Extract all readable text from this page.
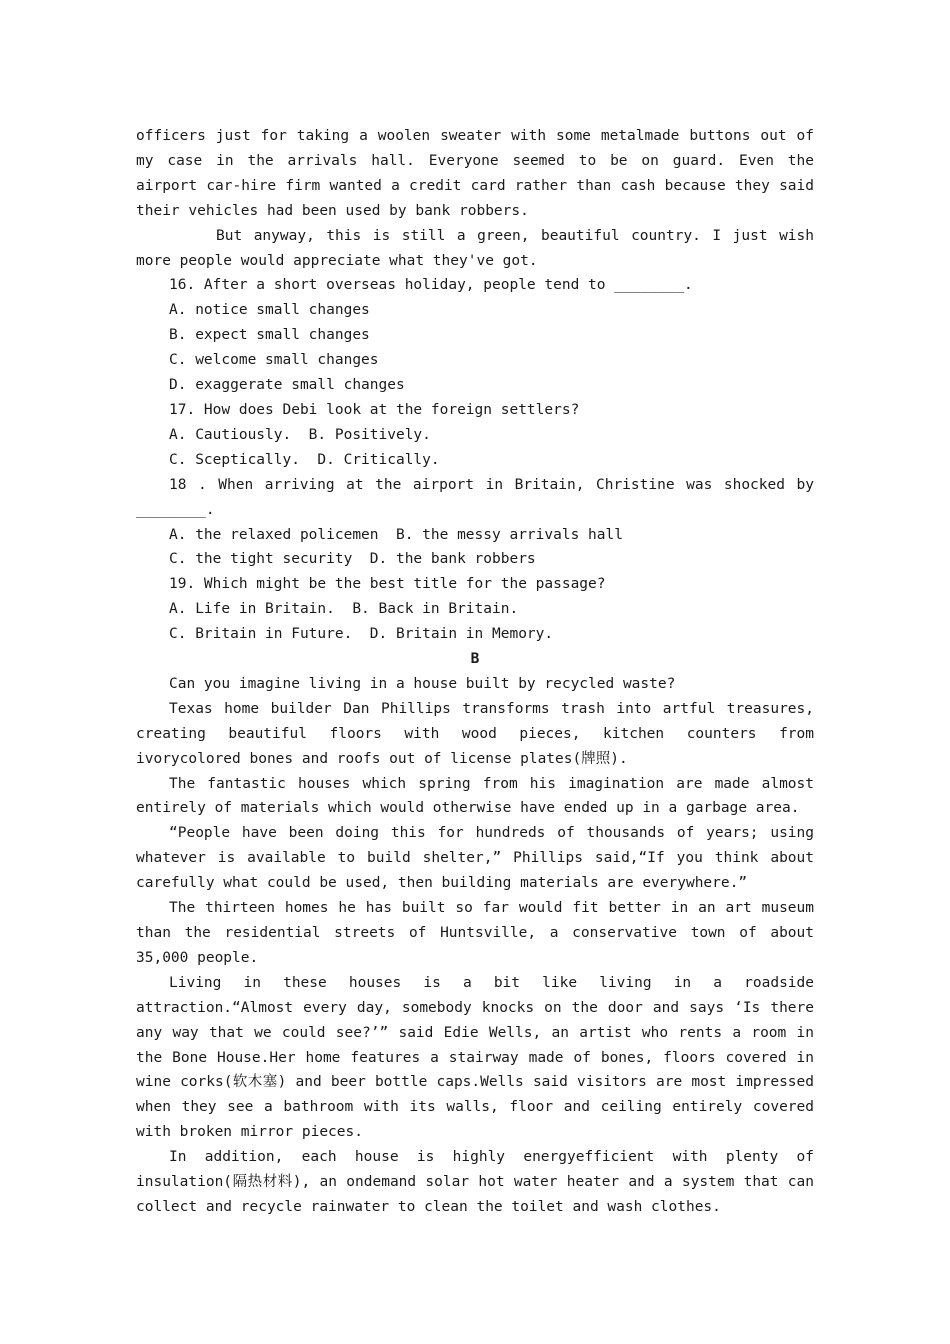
officers just for taking a woolen sweater with some metalmade buttons out of my case in the arrivals hall. Everyone seemed to be on guard. Even the airport car-hire firm wanted a credit card rather than cash because they said their vehicles had been used by bank robbers.

But anyway, this is still a green, beautiful country. I just wish more people would appreciate what they've got.

16. After a short overseas holiday, people tend to ________.

A. notice small changes

B. expect small changes

C. welcome small changes

D. exaggerate small changes

17. How does Debi look at the foreign settlers?

A. Cautiously.  B. Positively.

C. Sceptically.  D. Critically.

18 . When arriving at the airport in Britain, Christine was shocked by

________.

A. the relaxed policemen  B. the messy arrivals hall

C. the tight security  D. the bank robbers

19. Which might be the best title for the passage?

A. Life in Britain.  B. Back in Britain.

C. Britain in Future.  D. Britain in Memory.

B

Can you imagine living in a house built by recycled waste?

Texas home builder Dan Phillips transforms trash into artful treasures, creating beautiful floors with wood pieces, kitchen counters from ivorycolored bones and roofs out of license plates(牌照).

The fantastic houses which spring from his imagination are made almost entirely of materials which would otherwise have ended up in a garbage area.

“People have been doing this for hundreds of thousands of years; using whatever is available to build shelter,” Phillips said,“If you think about carefully what could be used, then building materials are everywhere.”

The thirteen homes he has built so far would fit better in an art museum than the residential streets of Huntsville, a conservative town of about 35,000 people.

Living in these houses is a bit like living in a roadside attraction.“Almost every day, somebody knocks on the door and says ‘Is there any way that we could see?’” said Edie Wells, an artist who rents a room in the Bone House.Her home features a stairway made of bones, floors covered in wine corks(软木塞) and beer bottle caps.Wells said visitors are most impressed when they see a bathroom with its walls, floor and ceiling entirely covered with broken mirror pieces.

In addition, each house is highly energyefficient with plenty of insulation(隔热材料), an ondemand solar hot water heater and a system that can collect and recycle rainwater to clean the toilet and wash clothes.
